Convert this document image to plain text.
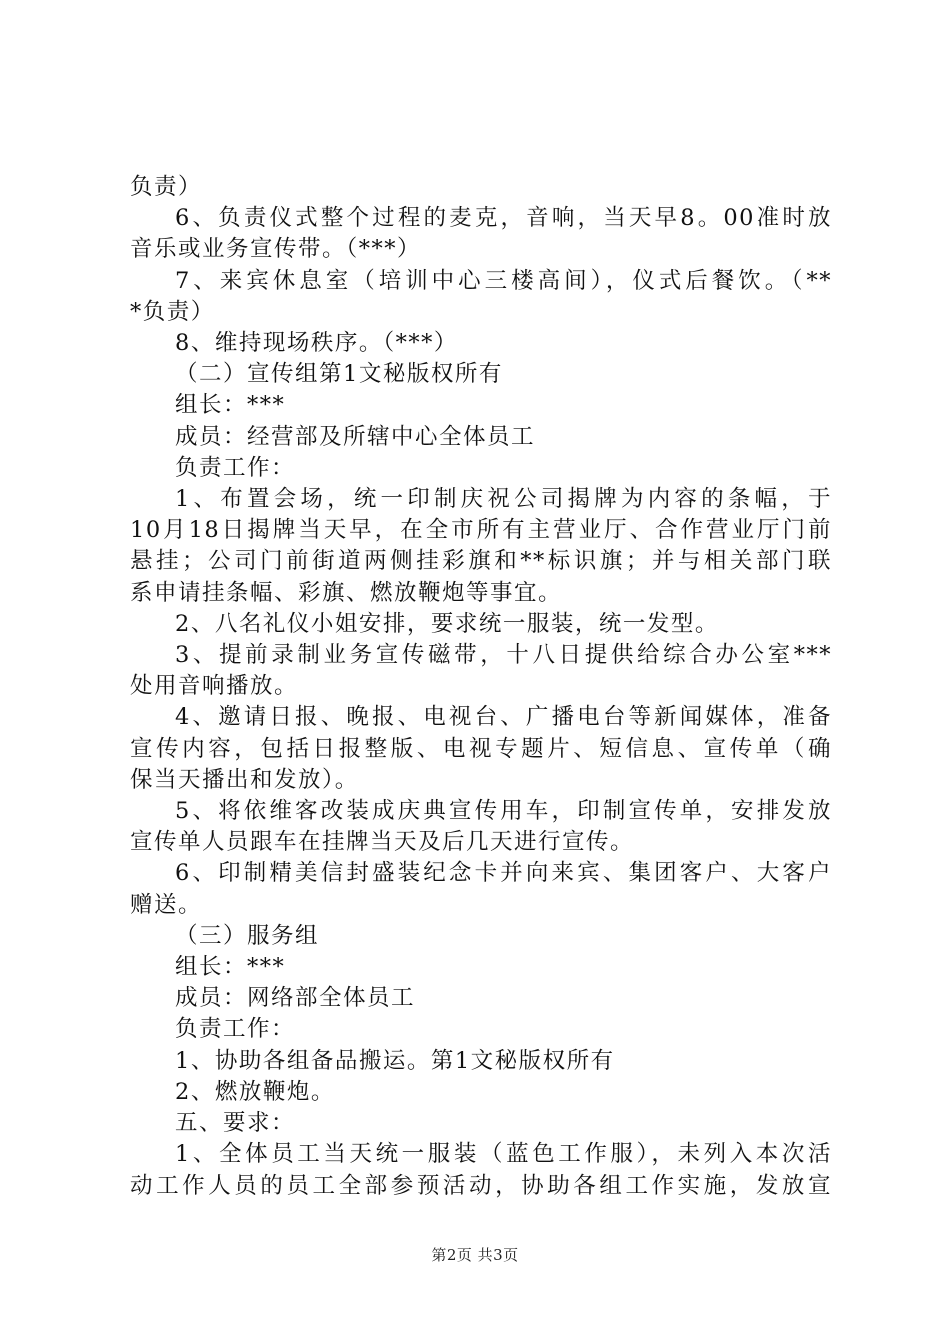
负责）
6、负责仪式整个过程的麦克，音响，当天早8。00准时放
音乐或业务宣传带。（***）
7、来宾休息室（培训中心三楼高间），仪式后餐饮。（**
*负责）
8、维持现场秩序。（***）
（二）宣传组第1文秘版权所有
组长：***
成员：经营部及所辖中心全体员工
负责工作：
1、布置会场，统一印制庆祝公司揭牌为内容的条幅，于
10月18日揭牌当天早，在全市所有主营业厅、合作营业厅门前
悬挂；公司门前街道两侧挂彩旗和**标识旗；并与相关部门联
系申请挂条幅、彩旗、燃放鞭炮等事宜。
2、八名礼仪小姐安排，要求统一服装，统一发型。
3、提前录制业务宣传磁带，十八日提供给综合办公室***
处用音响播放。
4、邀请日报、晚报、电视台、广播电台等新闻媒体，准备
宣传内容，包括日报整版、电视专题片、短信息、宣传单（确
保当天播出和发放）。
5、将依维客改装成庆典宣传用车，印制宣传单，安排发放
宣传单人员跟车在挂牌当天及后几天进行宣传。
6、印制精美信封盛装纪念卡并向来宾、集团客户、大客户
赠送。
（三）服务组
组长：***
成员：网络部全体员工
负责工作：
1、协助各组备品搬运。第1文秘版权所有
2、燃放鞭炮。
五、要求：
1、全体员工当天统一服装（蓝色工作服），未列入本次活
动工作人员的员工全部参预活动，协助各组工作实施，发放宣
第2页 共3页
